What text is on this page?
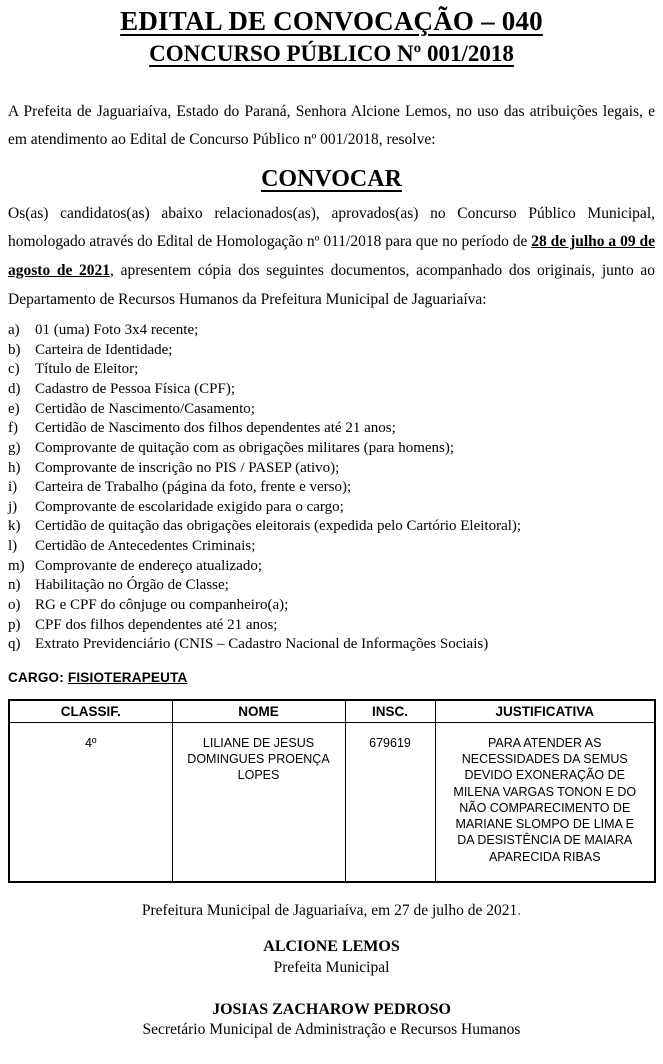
EDITAL DE CONVOCAÇÃO – 040
CONCURSO PÚBLICO Nº 001/2018

A Prefeita de Jaguariaíva, Estado do Paraná, Senhora Alcione Lemos, no uso das atribuições legais, e em atendimento ao Edital de Concurso Público nº 001/2018, resolve:

CONVOCAR

Os(as) candidatos(as) abaixo relacionados(as), aprovados(as) no Concurso Público Municipal, homologado através do Edital de Homologação nº 011/2018 para que no período de 28 de julho a 09 de agosto de 2021, apresentem cópia dos seguintes documentos, acompanhado dos originais, junto ao Departamento de Recursos Humanos da Prefeitura Municipal de Jaguariaíva:

a)	01 (uma) Foto 3x4 recente;
b) Carteira de Identidade;
c)	Título de Eleitor;
d) Cadastro de Pessoa Física (CPF);
e)	Certidão de Nascimento/Casamento;
f)	Certidão de Nascimento dos filhos dependentes até 21 anos;
g) Comprovante de quitação com as obrigações militares (para homens);
h) Comprovante de inscrição no PIS / PASEP (ativo);
i)	Carteira de Trabalho (página da foto, frente e verso);
j)	Comprovante de escolaridade exigido para o cargo;
k) Certidão de quitação das obrigações eleitorais (expedida pelo Cartório Eleitoral);
l)	Certidão de Antecedentes Criminais;
m) Comprovante de endereço atualizado;
n) Habilitação no Órgão de Classe;
o) RG e CPF do cônjuge ou companheiro(a);
p) CPF dos filhos dependentes até 21 anos;
q) Extrato Previdenciário (CNIS – Cadastro Nacional de Informações Sociais)
CARGO: FISIOTERAPEUTA
CLASSIF.	NOME	INSC.	JUSTIFICATIVA
4º	LILIANE DE JESUS DOMINGUES PROENÇA LOPES	679619	PARA ATENDER AS NECESSIDADES DA SEMUS DEVIDO EXONERAÇÃO DE MILENA VARGAS TONON E DO NÃO COMPARECIMENTO DE MARIANE SLOMPO DE LIMA E DA DESISTÊNCIA DE MAIARA APARECIDA RIBAS

Prefeitura Municipal de Jaguariaíva, em 27 de julho de 2021.

ALCIONE LEMOS
Prefeita Municipal
JOSIAS ZACHAROW PEDROSO
Secretário Municipal de Administração e Recursos Humanos
